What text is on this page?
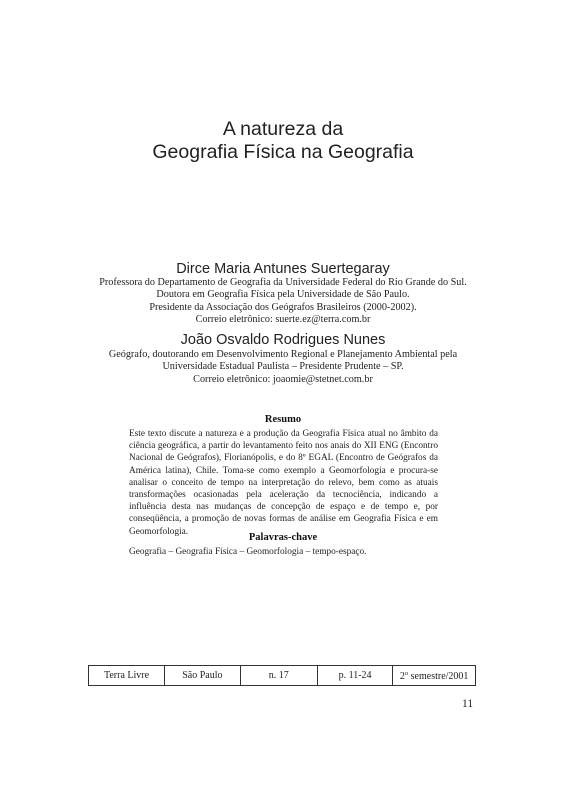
A natureza da
Geografia Física na Geografia
Dirce Maria Antunes Suertegaray
Professora do Departamento de Geografia da Universidade Federal do Rio Grande do Sul.
Doutora em Geografia Física pela Universidade de São Paulo.
Presidente da Associação dos Geógrafos Brasileiros (2000-2002).
Correio eletrônico: suerte.ez@terra.com.br
João Osvaldo Rodrigues Nunes
Geógrafo, doutorando em Desenvolvimento Regional e Planejamento Ambiental pela
Universidade Estadual Paulista – Presidente Prudente – SP.
Correio eletrônico: joaomie@stetnet.com.br
Resumo
Este texto discute a natureza e a produção da Geografia Física atual no âmbito da ciência geográfica, a partir do levantamento feito nos anais do XII ENG (Encontro Nacional de Geógrafos), Florianópolis, e do 8º EGAL (Encontro de Geógrafos da América latina), Chile. Toma-se como exemplo a Geomorfologia e procura-se analisar o conceito de tempo na interpretação do relevo, bem como as atuais transformações ocasionadas pela aceleração da tecnociência, indicando a influência desta nas mudanças de concepção de espaço e de tempo e, por conseqüência, a promoção de novas formas de análise em Geografia Física e em Geomorfologia.
Palavras-chave
Geografia – Geografia Física – Geomorfologia – tempo-espaço.
Terra Livre	São Paulo	n. 17	p. 11-24	2$^o$ semestre/2001
11
